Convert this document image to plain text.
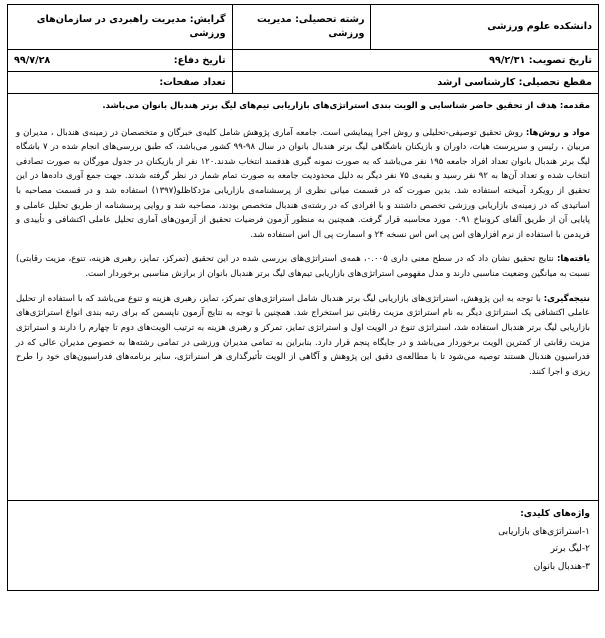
دانشکده علوم ورزشی	رشته تحصیلی: مدیریت ورزشی	گرایش: مدیریت راهبردی در سازمان‌های ورزشی
تاریخ تصویب: ۹۹/۲/۳۱		تاریخ دفاع:
۹۹/۷/۲۸

مقطع تحصیلی: کارشناسی ارشد		تعداد صفحات:

مقدمه: هدف از تحقیق حاضر شناسایی و الویت بندی استراتژی‌های بازاریابی تیم‌های لیگ برتر هندبال بانوان می‌باشد.

مواد و روش‌ها: روش تحقیق توصیفی-تحلیلی و روش اجرا پیمایشی است. جامعه آماری پژوهش شامل کلیه‌ی خبرگان و متخصصان در زمینه‌ی هندبال ، مدیران و مربیان ، رئیس و سرپرست هیات، داوران و بازیکنان باشگاهی لیگ برتر هندبال بانوان در سال ۹۸-۹۹ کشور می‌باشد، که طبق بررسی‌های انجام شده در ۷ باشگاه لیگ برتر هندبال بانوان تعداد افراد جامعه ۱۹۵ نفر می‌باشد که به صورت نمونه گیری هدفمند انتخاب شدند.۱۲۰ نفر از بازیکنان در جدول مورگان به صورت تصادفی انتخاب شده و تعداد آن‌ها به ۹۲ نفر رسید و بقیه‌ی ۷۵ نفر دیگر به دلیل محدودیت جامعه به صورت تمام شمار در نظر گرفته شدند. جهت جمع آوری داده‌ها در این تحقیق از رویکرد آمیخته استفاده شد. بدین صورت که در قسمت میانی نظری از پرسشنامه‌ی بازاریابی مژدکاظلو(۱۳۹۷) استفاده شد و در قسمت مصاحبه با اساتیدی که در زمینه‌ی بازاریابی ورزشی تخصص داشتند و با افرادی که در رشته‌ی هندبال متخصص بودند، مصاحبه شد و روایی پرسشنامه از طریق تحلیل عاملی و پایایی آن از طریق آلفای کرونباخ ۰.۹۱ مورد محاسبه قرار گرفت. همچنین به منظور آزمون فرضیات تحقیق از آزمون‌های آماری تحلیل عاملی اکتشافی و تأییدی و فریدمن با استفاده از نرم افزارهای اس پی اس اس نسخه ۲۴ و اسمارت پی ال اس استفاده شد.

یافته‌ها: نتایج تحقیق نشان داد که در سطح معنی داری ۰.۰۰۵، همه‌ی استراتژی‌های بررسی شده در این تحقیق (تمرکز، تمایز، رهبری هزینه، تنوع، مزیت رقابتی) نسبت به میانگین وضعیت مناسبی دارند و مدل مفهومی استراتژی‌های بازاریابی تیم‌های لیگ برتر هندبال بانوان از برازش مناسبی برخوردار است.

نتیجه‌گیری: با توجه به این پژوهش، استراتژی‌های بازاریابی لیگ برتر هندبال شامل استراتژی‌های تمرکز، تمایز، رهبری هزینه و تنوع می‌باشد که با استفاده از تحلیل عاملی اکتشافی یک استراتژی دیگر به نام استراتژی مزیت رقابتی نیز استخراج شد. همچنین با توجه به نتایج آزمون ناپسمن که برای رتبه بندی انواع استراتژی‌های بازاریابی لیگ برتر هندبال استفاده شد، استراتژی تنوع در الویت اول و استراتژی تمایز، تمرکز و رهبری هزینه به ترتیب الویت‌های دوم تا چهارم را دارند و استراتژی مزیت رقابتی از کمترین الویت برخوردار می‌باشد و در جایگاه پنجم قرار دارد. بنابراین به تمامی مدیران ورزشی در تمامی رشته‌ها به خصوص مدیران عالی که در فدراسیون هندبال هستند توصیه می‌شود تا با مطالعه‌ی دقیق این پژوهش و آگاهی از الویت تأثیرگذاری هر استراتژی، سایر برنامه‌های فدراسیون‌های خود را طرح ریزی و اجرا کنند.

واژه‌های کلیدی:
۱-استراتژی‌های بازاریابی
۲-لیگ برتر
۳-هندبال بانوان
